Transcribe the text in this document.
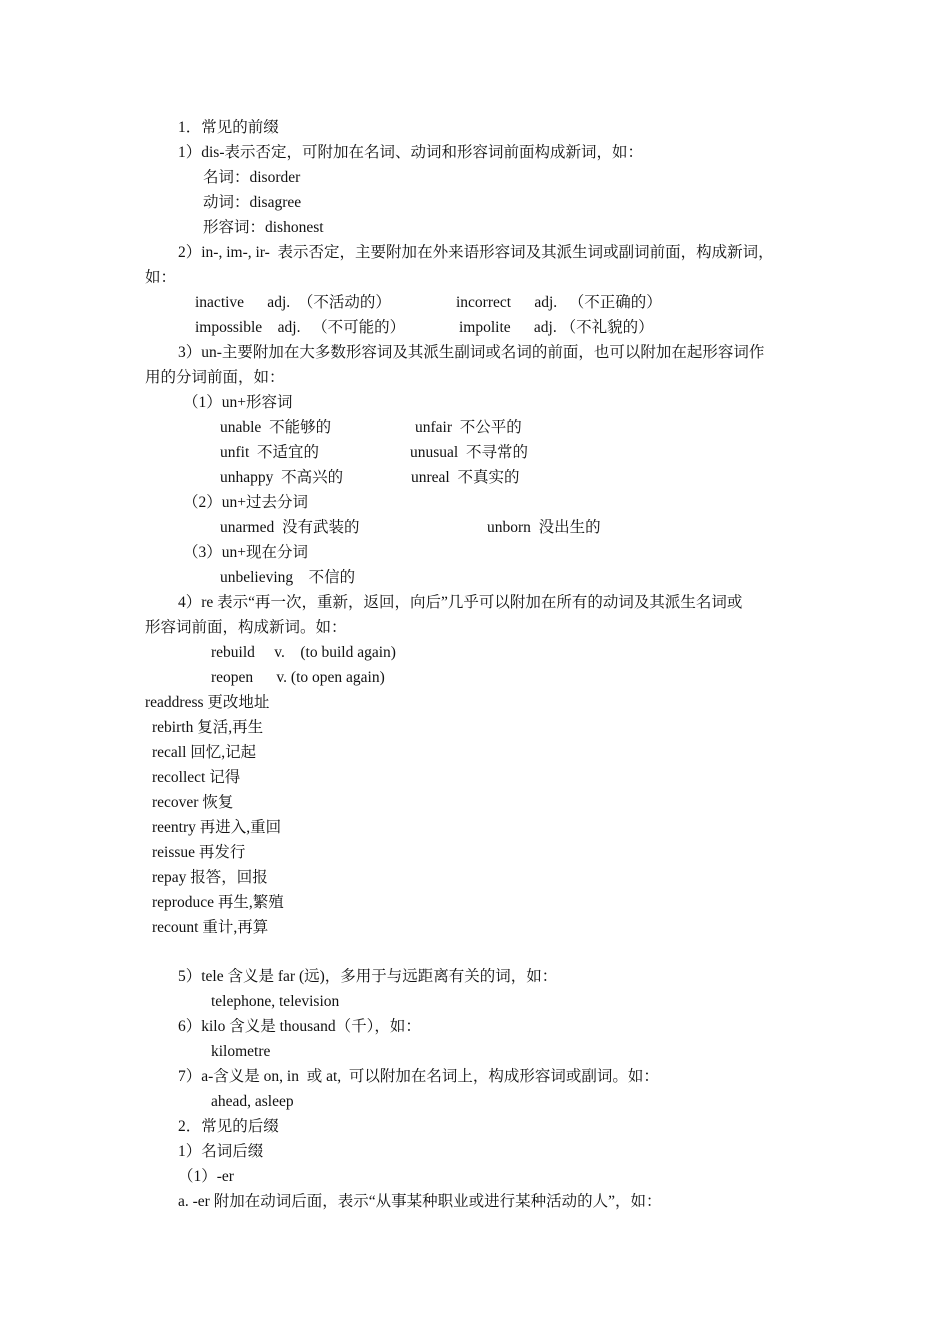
1．常见的前缀
1）dis-表示否定，可附加在名词、动词和形容词前面构成新词，如：
名词：disorder
动词：disagree
形容词：dishonest
2）in-, im-, ir-  表示否定，主要附加在外来语形容词及其派生词或副词前面，构成新词，
如：
inactive      adj.  （不活动的）	incorrect      adj.   （不正确的）
impossible    adj.   （不可能的）	impolite      adj. （不礼貌的）
3）un-主要附加在大多数形容词及其派生副词或名词的前面，也可以附加在起形容词作
用的分词前面，如：
（1）un+形容词
unable  不能够的	unfair  不公平的
unfit  不适宜的	unusual  不寻常的
unhappy  不高兴的	unreal  不真实的
（2）un+过去分词
unarmed  没有武装的	unborn  没出生的
（3）un+现在分词
unbelieving    不信的
4）re 表示“再一次，重新，返回，向后”几乎可以附加在所有的动词及其派生名词或
形容词前面，构成新词。如：
rebuild     v.    (to build again)
reopen      v. (to open again)
readdress 更改地址
rebirth 复活,再生
recall 回忆,记起
recollect 记得
recover 恢复
reentry 再进入,重回
reissue 再发行
repay 报答，回报
reproduce 再生,繁殖
recount 重计,再算
5）tele 含义是 far (远)，多用于与远距离有关的词，如：
telephone, television
6）kilo 含义是 thousand（千），如：
kilometre
7）a-含义是 on, in  或 at,  可以附加在名词上，构成形容词或副词。如：
ahead, asleep
2．常见的后缀
1）名词后缀
（1）-er
a. -er 附加在动词后面，表示“从事某种职业或进行某种活动的人”，如：
